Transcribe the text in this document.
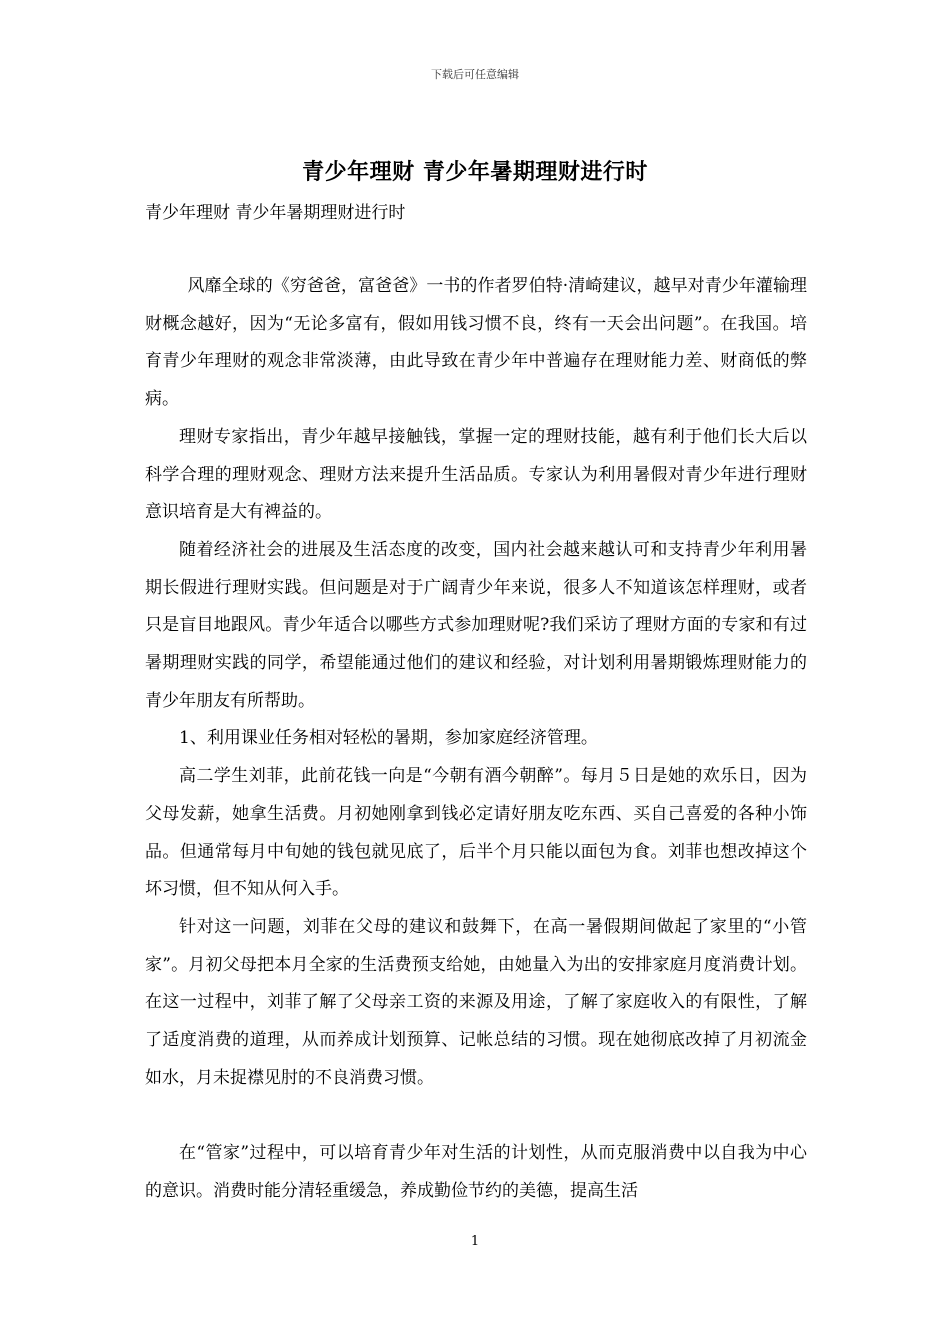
下载后可任意编辑
青少年理财 青少年暑期理财进行时
青少年理财 青少年暑期理财进行时

风靡全球的《穷爸爸，富爸爸》一书的作者罗伯特·清崎建议，越早对青少年灌输理财概念越好，因为“无论多富有，假如用钱习惯不良，终有一天会出问题”。在我国。培育青少年理财的观念非常淡薄，由此导致在青少年中普遍存在理财能力差、财商低的弊病。

理财专家指出，青少年越早接触钱，掌握一定的理财技能，越有利于他们长大后以科学合理的理财观念、理财方法来提升生活品质。专家认为利用暑假对青少年进行理财意识培育是大有裨益的。

随着经济社会的进展及生活态度的改变，国内社会越来越认可和支持青少年利用暑期长假进行理财实践。但问题是对于广阔青少年来说，很多人不知道该怎样理财，或者只是盲目地跟风。青少年适合以哪些方式参加理财呢?我们采访了理财方面的专家和有过暑期理财实践的同学，希望能通过他们的建议和经验，对计划利用暑期锻炼理财能力的青少年朋友有所帮助。

1、利用课业任务相对轻松的暑期，参加家庭经济管理。

高二学生刘菲，此前花钱一向是“今朝有酒今朝醉”。每月５日是她的欢乐日，因为父母发薪，她拿生活费。月初她刚拿到钱必定请好朋友吃东西、买自己喜爱的各种小饰品。但通常每月中旬她的钱包就见底了，后半个月只能以面包为食。刘菲也想改掉这个坏习惯，但不知从何入手。

针对这一问题，刘菲在父母的建议和鼓舞下，在高一暑假期间做起了家里的“小管家”。月初父母把本月全家的生活费预支给她，由她量入为出的安排家庭月度消费计划。在这一过程中，刘菲了解了父母亲工资的来源及用途，了解了家庭收入的有限性，了解了适度消费的道理，从而养成计划预算、记帐总结的习惯。现在她彻底改掉了月初流金如水，月未捉襟见肘的不良消费习惯。

在“管家”过程中，可以培育青少年对生活的计划性，从而克服消费中以自我为中心的意识。消费时能分清轻重缓急，养成勤俭节约的美德，提高生活

1
